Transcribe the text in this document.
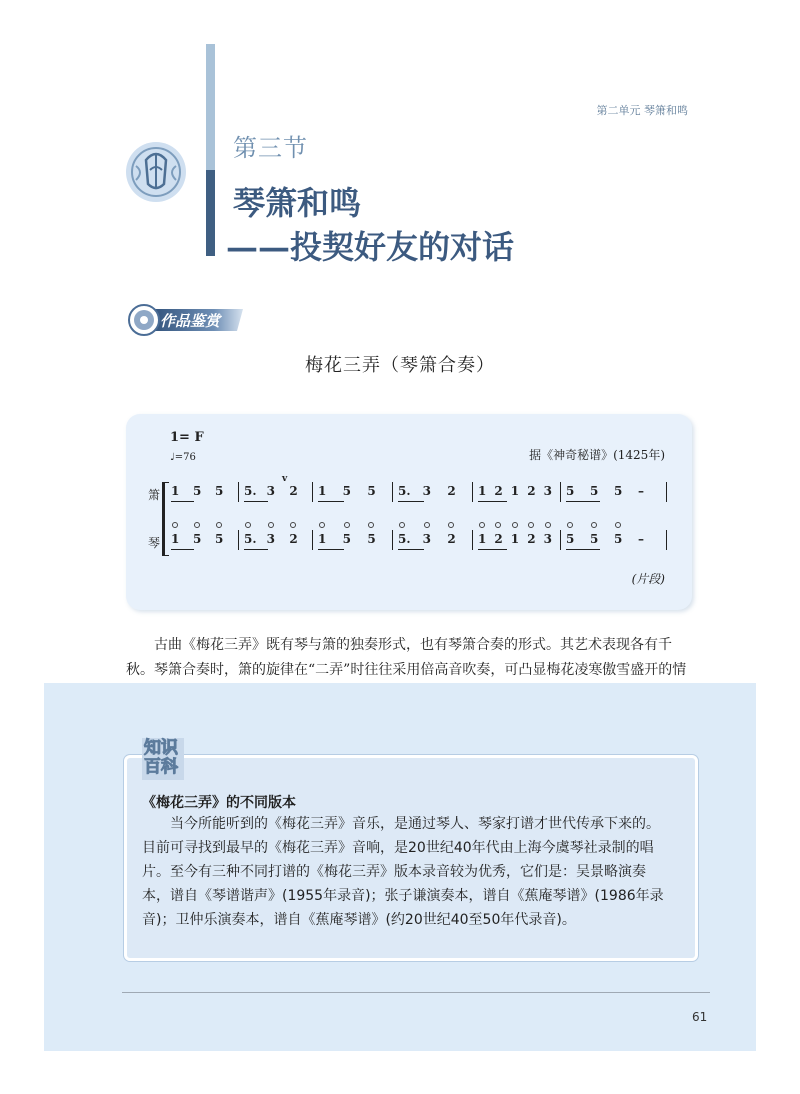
第二单元 琴箫和鸣
第三节
琴箫和鸣
——投契好友的对话
作品鉴赏
梅花三弄（琴箫合奏）
1= F
♩=76	据《神奇秘谱》(1425年)
(片段)
箫
琴
1 5 5 5. 3 2 1 5 5 5. 3 2 1 2 1 2 3 5 5 5 –
1 5 5 5. 3 2 1 5 5 5. 3 2 1 2 1 2 3 5 5 5 –
v
古曲《梅花三弄》既有琴与箫的独奏形式，也有琴箫合奏的形式。其艺术表现各有千秋。琴箫合奏时，箫的旋律在“二弄”时往往采用倍高音吹奏，可凸显梅花凌寒傲雪盛开的情
知识
百科
《梅花三弄》的不同版本
当今所能听到的《梅花三弄》音乐，是通过琴人、琴家打谱才世代传承下来的。目前可寻找到最早的《梅花三弄》音响，是20世纪40年代由上海今虞琴社录制的唱片。至今有三种不同打谱的《梅花三弄》版本录音较为优秀，它们是：吴景略演奏本，谱自《琴谱谐声》(1955年录音)；张子谦演奏本，谱自《蕉庵琴谱》(1986年录音)；卫仲乐演奏本，谱自《蕉庵琴谱》(约20世纪40至50年代录音)。
61
